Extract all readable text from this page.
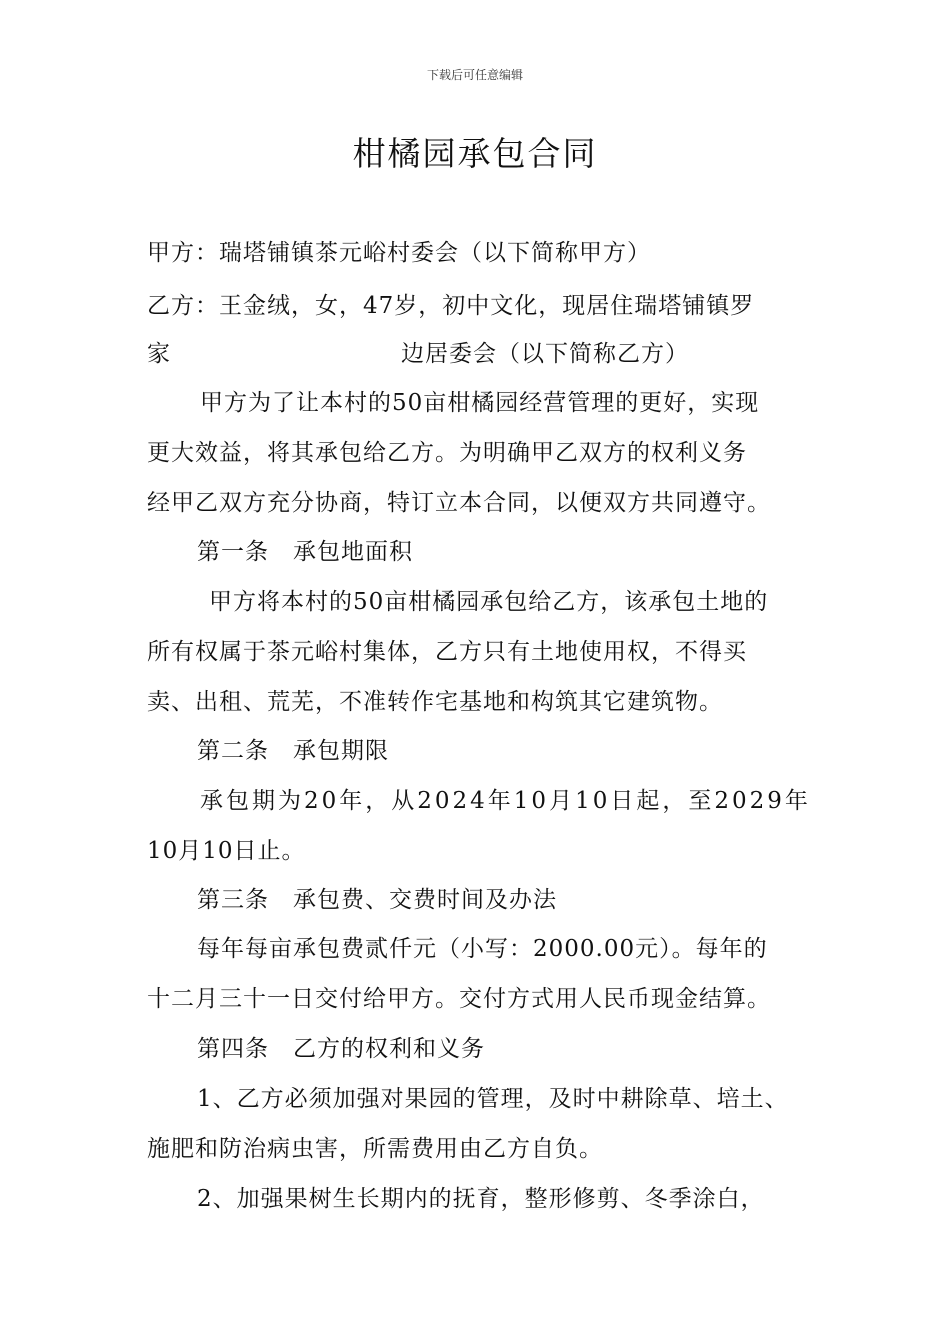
下载后可任意编辑
柑橘园承包合同
甲方：瑞塔铺镇茶元峪村委会（以下简称甲方）
乙方：王金绒，女，47岁，初中文化，现居住瑞塔铺镇罗
家	边居委会（以下简称乙方）
甲方为了让本村的50亩柑橘园经营管理的更好，实现
更大效益，将其承包给乙方。为明确甲乙双方的权利义务
经甲乙双方充分协商，特订立本合同，以便双方共同遵守。
第一条　承包地面积
甲方将本村的50亩柑橘园承包给乙方，该承包土地的
所有权属于茶元峪村集体，乙方只有土地使用权，不得买
卖、出租、荒芜，不准转作宅基地和构筑其它建筑物。
第二条　承包期限
承包期为20年，从2024年10月10日起，至2029年
10月10日止。
第三条　承包费、交费时间及办法
每年每亩承包费贰仟元（小写：2000.00元）。每年的
十二月三十一日交付给甲方。交付方式用人民币现金结算。
第四条　乙方的权利和义务
1、乙方必须加强对果园的管理，及时中耕除草、培土、
施肥和防治病虫害，所需费用由乙方自负。
2、加强果树生长期内的抚育，整形修剪、冬季涂白，
